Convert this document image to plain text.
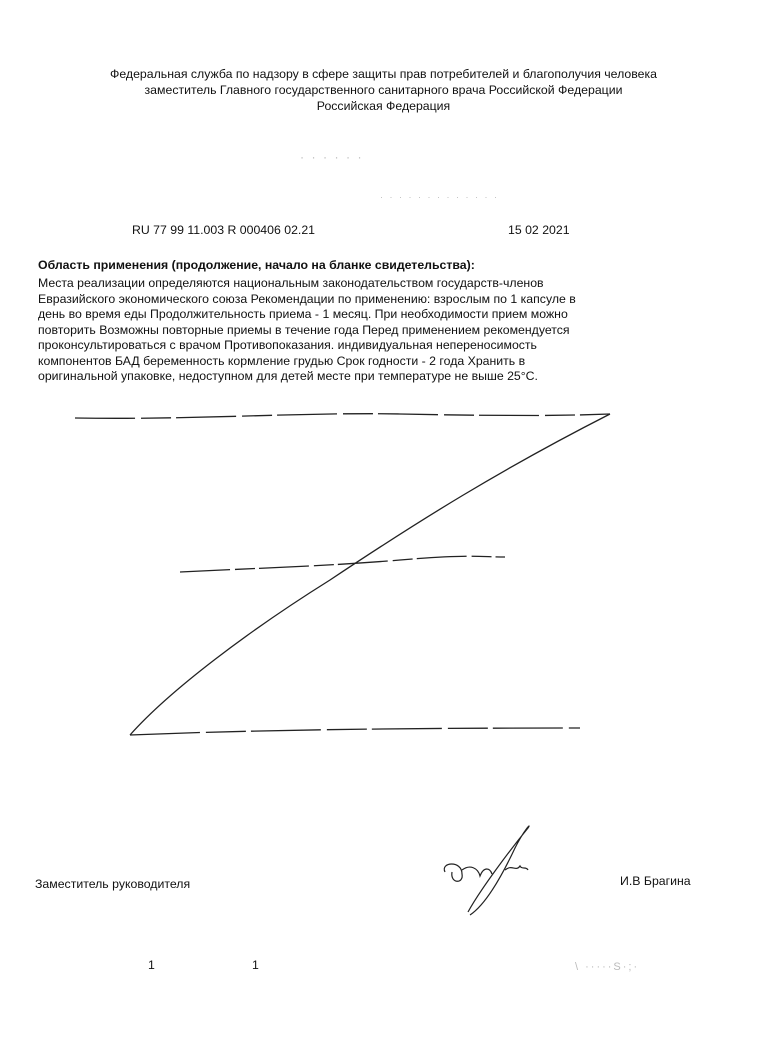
Федеральная служба по надзору в сфере защиты прав потребителей и благополучия человека
заместитель Главного государственного санитарного врача Российской Федерации
Российская Федерация
· · · · · ·
· · · · · · · · · · · · ·
RU 77 99 11.003 R 000406 02.21	15 02 2021
Область применения (продолжение, начало на бланке свидетельства):
Места реализации определяются национальным законодательством государств-членов
Евразийского экономического союза Рекомендации по применению: взрослым по 1 капсуле в
день во время еды Продолжительность приема - 1 месяц. При необходимости прием можно
повторить Возможны повторные приемы в течение года Перед применением рекомендуется
проконсультироваться с врачом Противопоказания. индивидуальная непереносимость
компонентов БАД беременность кормление грудью Срок годности - 2 года Хранить в
оригинальной упаковке, недоступном для детей месте при температуре не выше 25°C.
Заместитель руководителя	И.В Брагина
1	1	\ ·····S·;·
